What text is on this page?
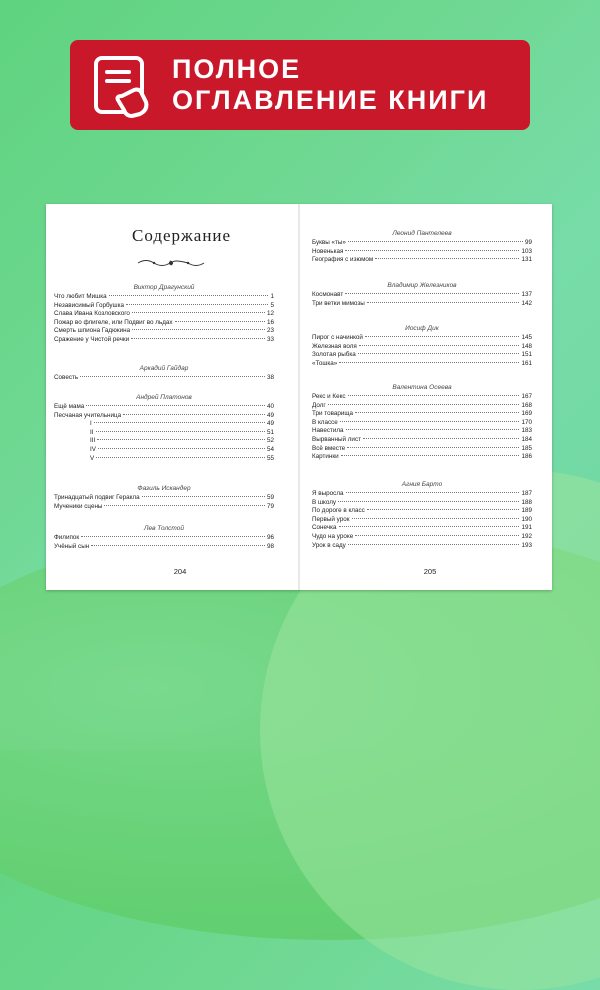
ПОЛНОЕ
ОГЛАВЛЕНИЕ КНИГИ
Содержание
Виктор Драгунский
Что любит Мишка	1
Независимый Горбушка	5
Слава Ивана Козловского	12
Пожар во флигеле, или Подвиг во льдах	16
Смерть шпиона Гадюкина	23
Сражение у Чистой речки	33
Аркадий Гайдар
Совесть	38
Андрей Платонов
Ещё мама	40
Песчаная учительница	49
I	49
II	51
III	52
IV	54
V	55
Фазиль Искандер
Тринадцатый подвиг Геракла	59
Мученики сцены	79
Лев Толстой
Филипок	96
Учёный сын	98
Леонид Пантелеев
Буквы «ты»	99
Новенькая	103
География с изюмом	131
Владимир Железников
Космонавт	137
Три ветки мимозы	142
Иосиф Дик
Пирог с начинкой	145
Железная воля	148
Золотая рыбка	151
«Тошка»	161
Валентина Осеева
Рекс и Кекс	167
Долг	168
Три товарища	169
В классе	170
Навестила	183
Вырванный лист	184
Всё вместе	185
Картинки	186
Агния Барто
Я выросла	187
В школу	188
По дороге в класс	189
Первый урок	190
Сонечка	191
Чудо на уроке	192
Урок в саду	193
204	205
